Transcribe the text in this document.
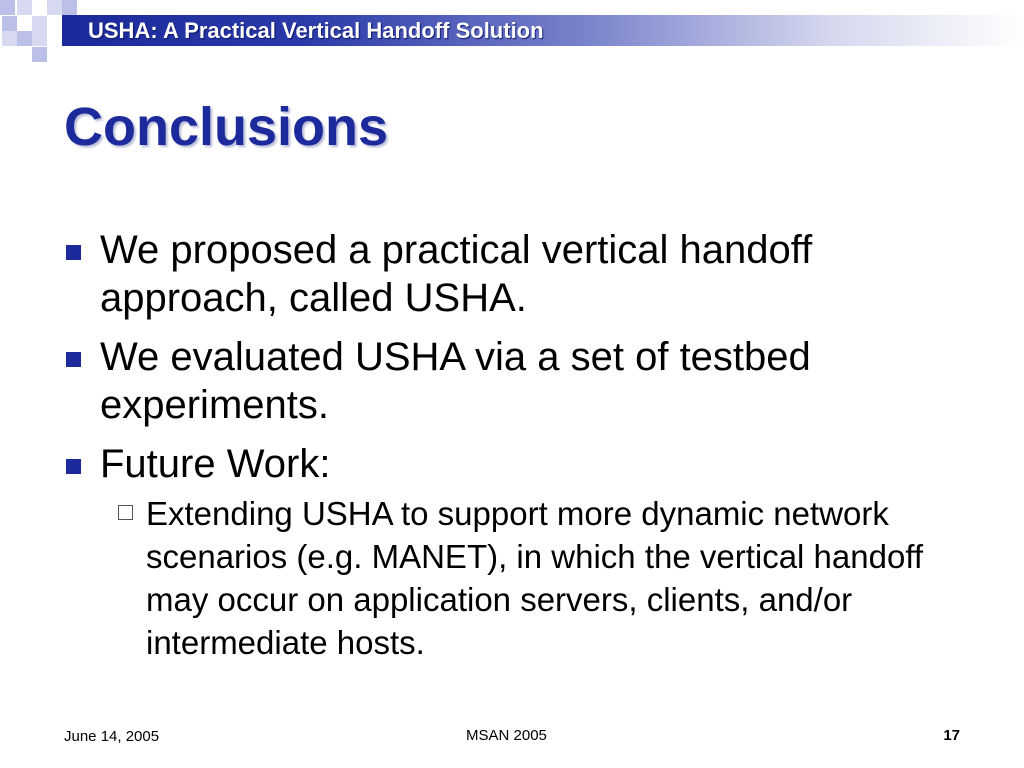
USHA: A Practical Vertical Handoff Solution
Conclusions
We proposed a practical vertical handoff approach, called USHA.
We evaluated USHA via a set of testbed experiments.
Future Work:
Extending USHA to support more dynamic network scenarios (e.g. MANET), in which the vertical handoff may occur on application servers, clients, and/or intermediate hosts.
June 14, 2005	MSAN 2005	17
